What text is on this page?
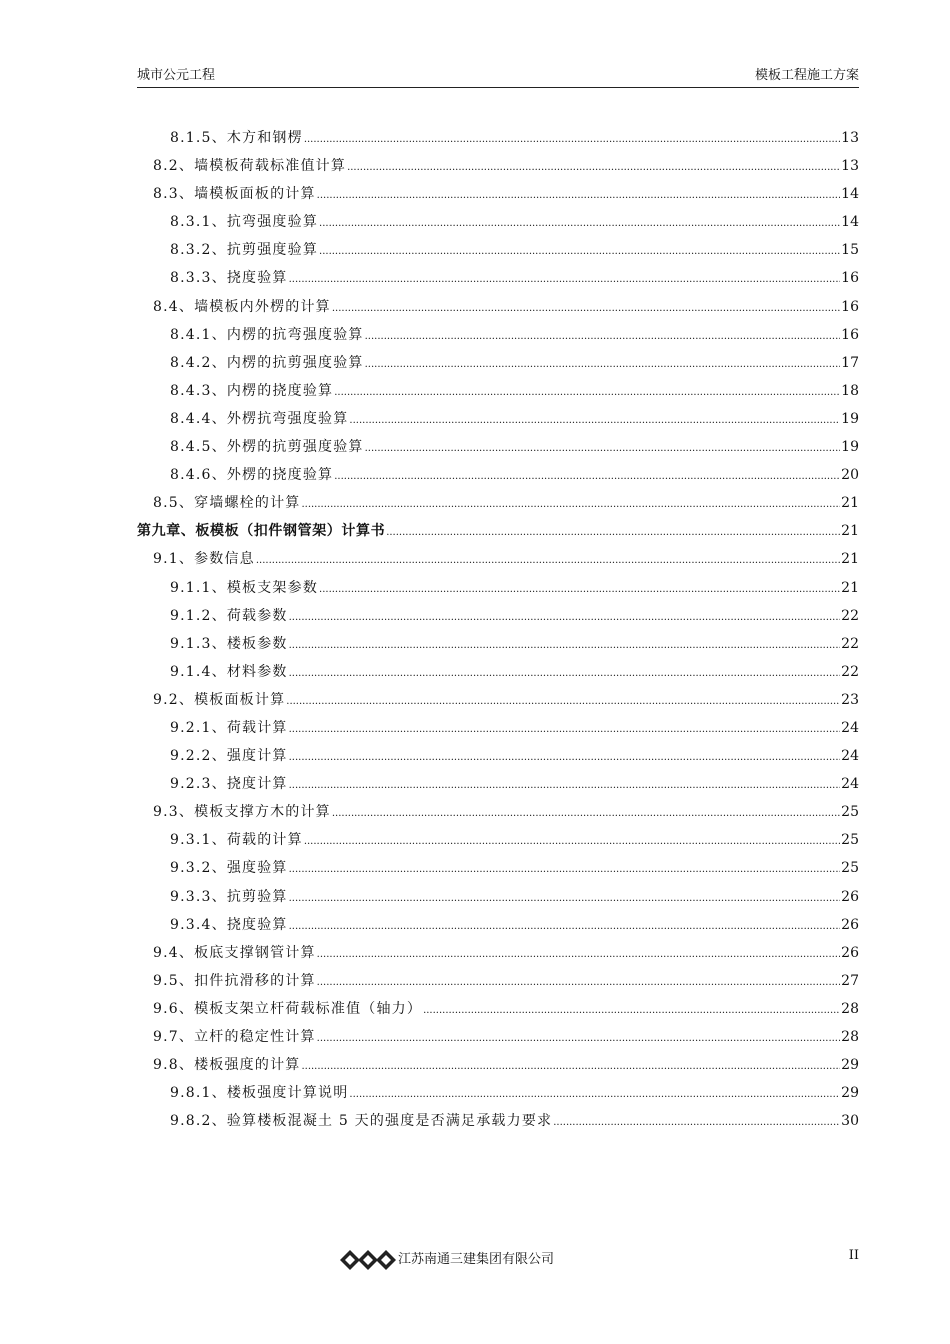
城市公元工程	模板工程施工方案
8.1.5、木方和钢楞 .....	13
8.2、墙模板荷载标准值计算 .....	13
8.3、墙模板面板的计算 .....	14
8.3.1、抗弯强度验算 .....	14
8.3.2、抗剪强度验算 .....	15
8.3.3、挠度验算 .....	16
8.4、墙模板内外楞的计算 .....	16
8.4.1、内楞的抗弯强度验算 .....	16
8.4.2、内楞的抗剪强度验算 .....	17
8.4.3、内楞的挠度验算 .....	18
8.4.4、外楞抗弯强度验算 .....	19
8.4.5、外楞的抗剪强度验算 .....	19
8.4.6、外楞的挠度验算 .....	20
8.5、穿墙螺栓的计算 .....	21
第九章、板模板（扣件钢管架）计算书 .....	21
9.1、参数信息 .....	21
9.1.1、模板支架参数 .....	21
9.1.2、荷载参数 .....	22
9.1.3、楼板参数 .....	22
9.1.4、材料参数 .....	22
9.2、模板面板计算 .....	23
9.2.1、荷载计算 .....	24
9.2.2、强度计算 .....	24
9.2.3、挠度计算 .....	24
9.3、模板支撑方木的计算 .....	25
9.3.1、荷载的计算 .....	25
9.3.2、强度验算 .....	25
9.3.3、抗剪验算 .....	26
9.3.4、挠度验算 .....	26
9.4、板底支撑钢管计算 .....	26
9.5、扣件抗滑移的计算 .....	27
9.6、模板支架立杆荷载标准值（轴力） .....	28
9.7、立杆的稳定性计算 .....	28
9.8、楼板强度的计算 .....	29
9.8.1、楼板强度计算说明 .....	29
9.8.2、验算楼板混凝土 5 天的强度是否满足承载力要求 .....	30
江苏南通三建集团有限公司	II
